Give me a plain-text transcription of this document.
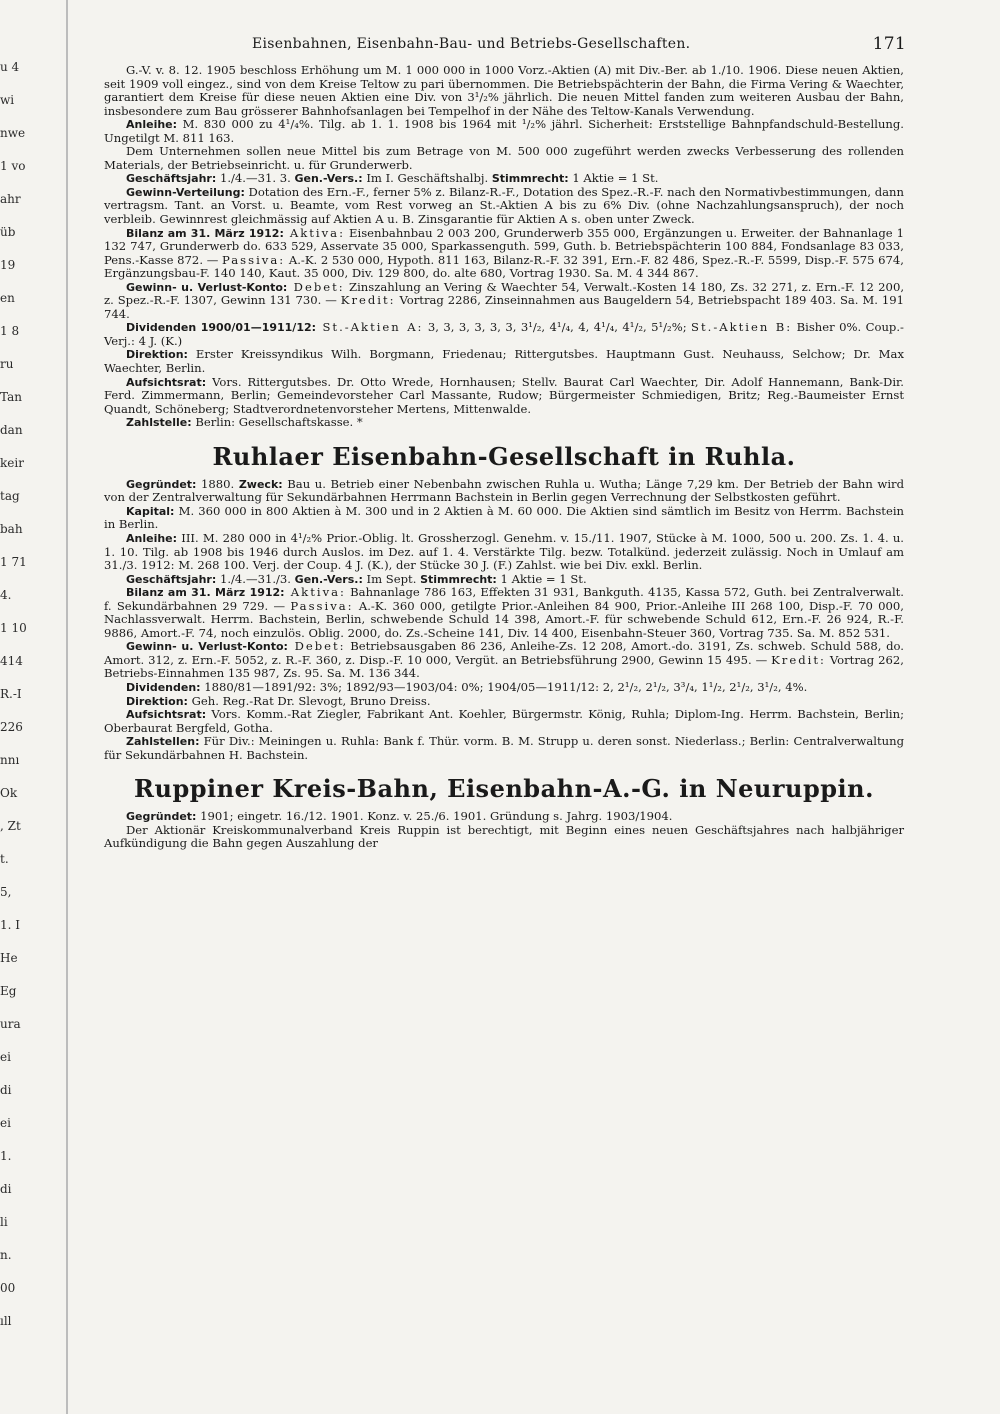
u 4
wi
nwe
1 vo
ahr
üb
19
en
1 8
ru
Tan
dan
keir
tag
bah
1 71
4.
1 10
414
R.-I
226
nnı
Ok
, Zt
t.
5,
1. I
He
Eg
ura
ei
di
ei
1.
di
li
n.
00
ıll
Eisenbahnen, Eisenbahn-Bau- und Betriebs-Gesellschaften.	171

G.-V. v. 8. 12. 1905 beschloss Erhöhung um M. 1 000 000 in 1000 Vorz.-Aktien (A) mit Div.-Ber. ab 1./10. 1906. Diese neuen Aktien, seit 1909 voll eingez., sind von dem Kreise Teltow zu pari übernommen. Die Betriebspächterin der Bahn, die Firma Vering & Waechter, garantiert dem Kreise für diese neuen Aktien eine Div. von 3¹/₂% jährlich. Die neuen Mittel fanden zum weiteren Ausbau der Bahn, insbesondere zum Bau grösserer Bahnhofsanlagen bei Tempelhof in der Nähe des Teltow-Kanals Verwendung.

Anleihe: M. 830 000 zu 4¹/₄%. Tilg. ab 1. 1. 1908 bis 1964 mit ¹/₂% jährl. Sicherheit: Erststellige Bahnpfandschuld-Bestellung. Ungetilgt M. 811 163.

Dem Unternehmen sollen neue Mittel bis zum Betrage von M. 500 000 zugeführt werden zwecks Verbesserung des rollenden Materials, der Betriebseinricht. u. für Grunderwerb.

Geschäftsjahr: 1./4.—31. 3. Gen.-Vers.: Im I. Geschäftshalbj. Stimmrecht: 1 Aktie = 1 St.

Gewinn-Verteilung: Dotation des Ern.-F., ferner 5% z. Bilanz-R.-F., Dotation des Spez.-R.-F. nach den Normativbestimmungen, dann vertragsm. Tant. an Vorst. u. Beamte, vom Rest vorweg an St.-Aktien A bis zu 6% Div. (ohne Nachzahlungsanspruch), der noch verbleib. Gewinnrest gleichmässig auf Aktien A u. B. Zinsgarantie für Aktien A s. oben unter Zweck.

Bilanz am 31. März 1912: Aktiva: Eisenbahnbau 2 003 200, Grunderwerb 355 000, Ergänzungen u. Erweiter. der Bahnanlage 1 132 747, Grunderwerb do. 633 529, Asservate 35 000, Sparkassenguth. 599, Guth. b. Betriebspächterin 100 884, Fondsanlage 83 033, Pens.-Kasse 872. — Passiva: A.-K. 2 530 000, Hypoth. 811 163, Bilanz-R.-F. 32 391, Ern.-F. 82 486, Spez.-R.-F. 5599, Disp.-F. 575 674, Ergänzungsbau-F. 140 140, Kaut. 35 000, Div. 129 800, do. alte 680, Vortrag 1930. Sa. M. 4 344 867.

Gewinn- u. Verlust-Konto: Debet: Zinszahlung an Vering & Waechter 54, Verwalt.-Kosten 14 180, Zs. 32 271, z. Ern.-F. 12 200, z. Spez.-R.-F. 1307, Gewinn 131 730. — Kredit: Vortrag 2286, Zinseinnahmen aus Baugeldern 54, Betriebspacht 189 403. Sa. M. 191 744.

Dividenden 1900/01—1911/12: St.-Aktien A: 3, 3, 3, 3, 3, 3, 3¹/₂, 4¹/₄, 4, 4¹/₄, 4¹/₂, 5¹/₂%; St.-Aktien B: Bisher 0%. Coup.-Verj.: 4 J. (K.)

Direktion: Erster Kreissyndikus Wilh. Borgmann, Friedenau; Rittergutsbes. Hauptmann Gust. Neuhauss, Selchow; Dr. Max Waechter, Berlin.

Aufsichtsrat: Vors. Rittergutsbes. Dr. Otto Wrede, Hornhausen; Stellv. Baurat Carl Waechter, Dir. Adolf Hannemann, Bank-Dir. Ferd. Zimmermann, Berlin; Gemeindevorsteher Carl Massante, Rudow; Bürgermeister Schmiedigen, Britz; Reg.-Baumeister Ernst Quandt, Schöneberg; Stadtverordnetenvorsteher Mertens, Mittenwalde.

Zahlstelle: Berlin: Gesellschaftskasse. *

Ruhlaer Eisenbahn-Gesellschaft in Ruhla.

Gegründet: 1880. Zweck: Bau u. Betrieb einer Nebenbahn zwischen Ruhla u. Wutha; Länge 7,29 km. Der Betrieb der Bahn wird von der Zentralverwaltung für Sekundärbahnen Herrmann Bachstein in Berlin gegen Verrechnung der Selbstkosten geführt.

Kapital: M. 360 000 in 800 Aktien à M. 300 und in 2 Aktien à M. 60 000. Die Aktien sind sämtlich im Besitz von Herrm. Bachstein in Berlin.

Anleihe: III. M. 280 000 in 4¹/₂% Prior.-Oblig. lt. Grossherzogl. Genehm. v. 15./11. 1907, Stücke à M. 1000, 500 u. 200. Zs. 1. 4. u. 1. 10. Tilg. ab 1908 bis 1946 durch Auslos. im Dez. auf 1. 4. Verstärkte Tilg. bezw. Totalkünd. jederzeit zulässig. Noch in Umlauf am 31./3. 1912: M. 268 100. Verj. der Coup. 4 J. (K.), der Stücke 30 J. (F.) Zahlst. wie bei Div. exkl. Berlin.

Geschäftsjahr: 1./4.—31./3. Gen.-Vers.: Im Sept. Stimmrecht: 1 Aktie = 1 St.

Bilanz am 31. März 1912: Aktiva: Bahnanlage 786 163, Effekten 31 931, Bankguth. 4135, Kassa 572, Guth. bei Zentralverwalt. f. Sekundärbahnen 29 729. — Passiva: A.-K. 360 000, getilgte Prior.-Anleihen 84 900, Prior.-Anleihe III 268 100, Disp.-F. 70 000, Nachlassverwalt. Herrm. Bachstein, Berlin, schwebende Schuld 14 398, Amort.-F. für schwebende Schuld 612, Ern.-F. 26 924, R.-F. 9886, Amort.-F. 74, noch einzulös. Oblig. 2000, do. Zs.-Scheine 141, Div. 14 400, Eisenbahn-Steuer 360, Vortrag 735. Sa. M. 852 531.

Gewinn- u. Verlust-Konto: Debet: Betriebsausgaben 86 236, Anleihe-Zs. 12 208, Amort.-do. 3191, Zs. schweb. Schuld 588, do. Amort. 312, z. Ern.-F. 5052, z. R.-F. 360, z. Disp.-F. 10 000, Vergüt. an Betriebsführung 2900, Gewinn 15 495. — Kredit: Vortrag 262, Betriebs-Einnahmen 135 987, Zs. 95. Sa. M. 136 344.

Dividenden: 1880/81—1891/92: 3%; 1892/93—1903/04: 0%; 1904/05—1911/12: 2, 2¹/₂, 2¹/₂, 3³/₄, 1¹/₂, 2¹/₂, 3¹/₂, 4%.

Direktion: Geh. Reg.-Rat Dr. Slevogt, Bruno Dreiss.

Aufsichtsrat: Vors. Komm.-Rat Ziegler, Fabrikant Ant. Koehler, Bürgermstr. König, Ruhla; Diplom-Ing. Herrm. Bachstein, Berlin; Oberbaurat Bergfeld, Gotha.

Zahlstellen: Für Div.: Meiningen u. Ruhla: Bank f. Thür. vorm. B. M. Strupp u. deren sonst. Niederlass.; Berlin: Centralverwaltung für Sekundärbahnen H. Bachstein.

Ruppiner Kreis-Bahn, Eisenbahn-A.-G. in Neuruppin.

Gegründet: 1901; eingetr. 16./12. 1901. Konz. v. 25./6. 1901. Gründung s. Jahrg. 1903/1904.

Der Aktionär Kreiskommunalverband Kreis Ruppin ist berechtigt, mit Beginn eines neuen Geschäftsjahres nach halbjähriger Aufkündigung die Bahn gegen Auszahlung der
